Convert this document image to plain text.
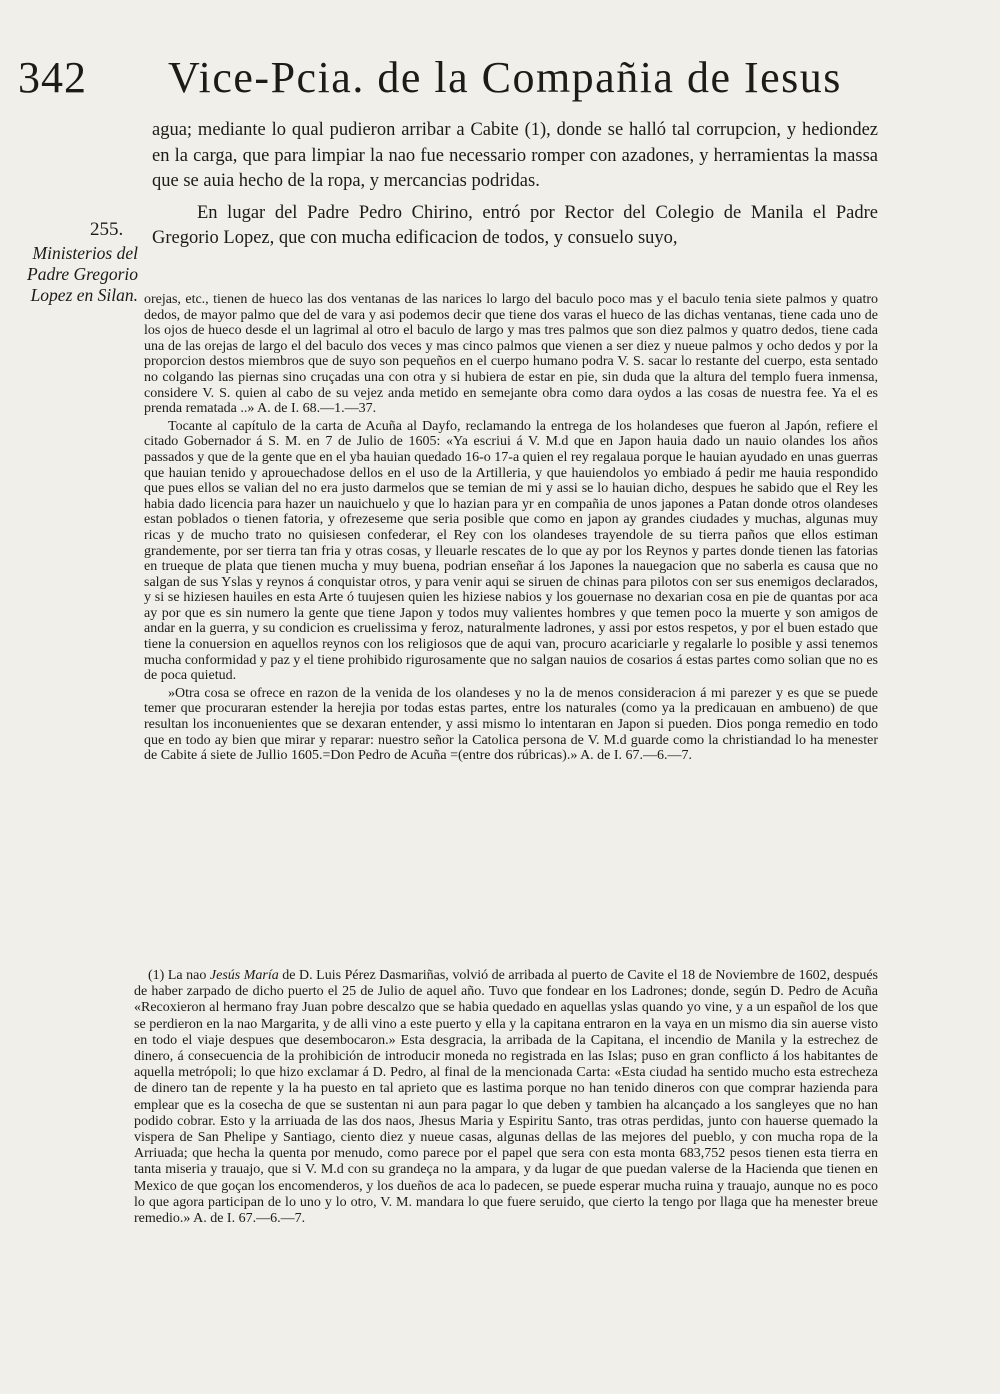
342 Vice-Pcia. de la Compañia de Iesus

agua; mediante lo qual pudieron arribar a Cabite (1), donde se halló tal corrupcion, y hediondez en la carga, que para limpiar la nao fue necessario romper con azadones, y herramientas la massa que se auia hecho de la ropa, y mercancias podridas.

En lugar del Padre Pedro Chirino, entró por Rector del Colegio de Manila el Padre Gregorio Lopez, que con mucha edificacion de todos, y consuelo suyo,

255.
Ministerios del Padre Gregorio Lopez en Silan. orejas, etc., tienen de hueco las dos ventanas de las narices lo largo del baculo poco mas y el baculo tenia siete palmos y quatro dedos, de mayor palmo que del de vara y asi podemos decir que tiene dos varas el hueco de las dichas ventanas, tiene cada uno de los ojos de hueco desde el un lagrimal al otro el baculo de largo y mas tres palmos que son diez palmos y quatro dedos, tiene cada una de las orejas de largo el del baculo dos veces y mas cinco palmos que vienen a ser diez y nueue palmos y ocho dedos y por la proporcion destos miembros que de suyo son pequeños en el cuerpo humano podra V. S. sacar lo restante del cuerpo, esta sentado no colgando las piernas sino cruçadas una con otra y si hubiera de estar en pie, sin duda que la altura del templo fuera inmensa, considere V. S. quien al cabo de su vejez anda metido en semejante obra como dara oydos a las cosas de nuestra fee. Ya el es prenda rematada ..» A. de I. 68.—1.—37.

Tocante al capítulo de la carta de Acuña al Dayfo, reclamando la entrega de los holandeses que fueron al Japón, refiere el citado Gobernador á S. M. en 7 de Julio de 1605: «Ya escriui á V. M.d que en Japon hauia dado un nauio olandes los años passados y que de la gente que en el yba hauian quedado 16-o 17-a quien el rey regalaua porque le hauian ayudado en unas guerras que hauian tenido y aprouechadose dellos en el uso de la Artilleria, y que hauiendolos yo embiado á pedir me hauia respondido que pues ellos se valian del no era justo darmelos que se temian de mi y assi se lo hauian dicho, despues he sabido que el Rey les habia dado licencia para hazer un nauichuelo y que lo hazian para yr en compañia de unos japones a Patan donde otros olandeses estan poblados o tienen fatoria, y ofrezeseme que seria posible que como en japon ay grandes ciudades y muchas, algunas muy ricas y de mucho trato no quisiesen confederar, el Rey con los olandeses trayendole de su tierra paños que ellos estiman grandemente, por ser tierra tan fria y otras cosas, y lleuarle rescates de lo que ay por los Reynos y partes donde tienen las fatorias en trueque de plata que tienen mucha y muy buena, podrian enseñar á los Japones la nauegacion que no saberla es causa que no salgan de sus Yslas y reynos á conquistar otros, y para venir aqui se siruen de chinas para pilotos con ser sus enemigos declarados, y si se hiziesen hauiles en esta Arte ó tuujesen quien les hiziese nabios y los gouernase no dexarian cosa en pie de quantas por aca ay por que es sin numero la gente que tiene Japon y todos muy valientes hombres y que temen poco la muerte y son amigos de andar en la guerra, y su condicion es cruelissima y feroz, naturalmente ladrones, y assi por estos respetos, y por el buen estado que tiene la conuersion en aquellos reynos con los religiosos que de aqui van, procuro acariciarle y regalarle lo posible y assi tenemos mucha conformidad y paz y el tiene prohibido rigurosamente que no salgan nauios de cosarios á estas partes como solian que no es de poca quietud.

»Otra cosa se ofrece en razon de la venida de los olandeses y no la de menos consideracion á mi parezer y es que se puede temer que procuraran estender la herejia por todas estas partes, entre los naturales (como ya la predicauan en ambueno) de que resultan los inconuenientes que se dexaran entender, y assi mismo lo intentaran en Japon si pueden. Dios ponga remedio en todo que en todo ay bien que mirar y reparar: nuestro señor la Catolica persona de V. M.d guarde como la christiandad lo ha menester de Cabite á siete de Jullio 1605.=Don Pedro de Acuña =(entre dos rúbricas).» A. de I. 67.—6.—7.

(1) La nao Jesús María de D. Luis Pérez Dasmariñas, volvió de arribada al puerto de Cavite el 18 de Noviembre de 1602, después de haber zarpado de dicho puerto el 25 de Julio de aquel año. Tuvo que fondear en los Ladrones; donde, según D. Pedro de Acuña «Recoxieron al hermano fray Juan pobre descalzo que se habia quedado en aquellas yslas quando yo vine, y a un español de los que se perdieron en la nao Margarita, y de alli vino a este puerto y ella y la capitana entraron en la vaya en un mismo dia sin auerse visto en todo el viaje despues que desembocaron.» Esta desgracia, la arribada de la Capitana, el incendio de Manila y la estrechez de dinero, á consecuencia de la prohibición de introducir moneda no registrada en las Islas; puso en gran conflicto á los habitantes de aquella metrópoli; lo que hizo exclamar á D. Pedro, al final de la mencionada Carta: «Esta ciudad ha sentido mucho esta estrecheza de dinero tan de repente y la ha puesto en tal aprieto que es lastima porque no han tenido dineros con que comprar hazienda para emplear que es la cosecha de que se sustentan ni aun para pagar lo que deben y tambien ha alcançado a los sangleyes que no han podido cobrar. Esto y la arriuada de las dos naos, Jhesus Maria y Espiritu Santo, tras otras perdidas, junto con hauerse quemado la vispera de San Phelipe y Santiago, ciento diez y nueue casas, algunas dellas de las mejores del pueblo, y con mucha ropa de la Arriuada; que hecha la quenta por menudo, como parece por el papel que sera con esta monta 683,752 pesos tienen esta tierra en tanta miseria y trauajo, que si V. M.d con su grandeça no la ampara, y da lugar de que puedan valerse de la Hacienda que tienen en Mexico de que goçan los encomenderos, y los dueños de aca lo padecen, se puede esperar mucha ruina y trauajo, aunque no es poco lo que agora participan de lo uno y lo otro, V. M. mandara lo que fuere seruido, que cierto la tengo por llaga que ha menester breue remedio.» A. de I. 67.—6.—7.
